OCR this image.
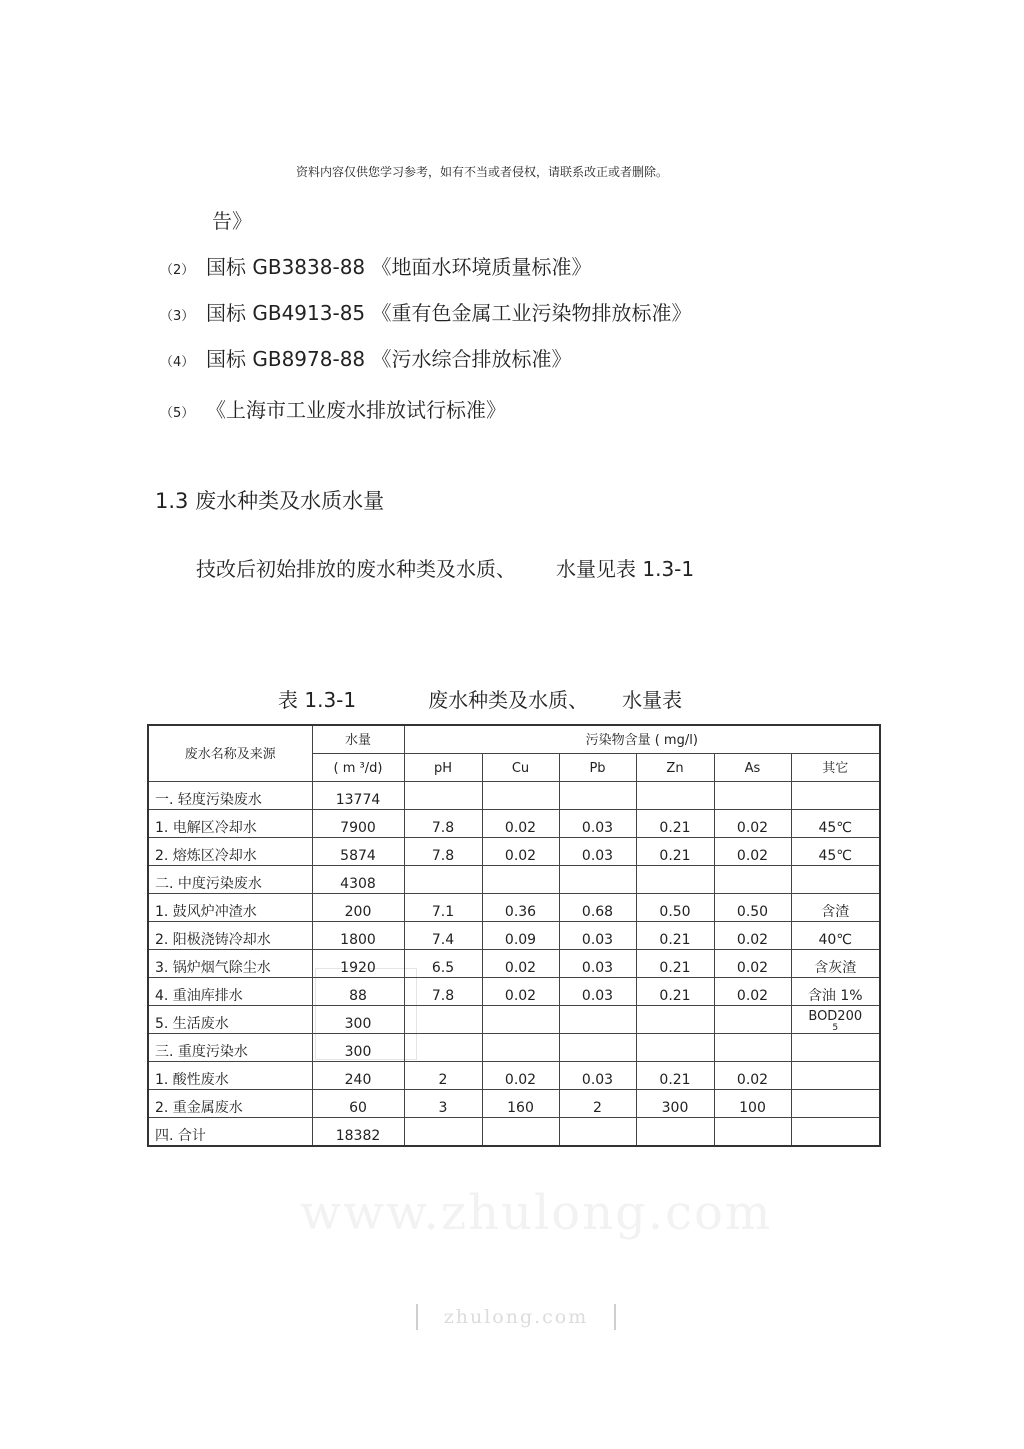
资料内容仅供您学习参考，如有不当或者侵权，请联系改正或者删除。
告》
（2） 国标 GB3838-88 《地面水环境质量标准》
（3） 国标 GB4913-85 《重有色金属工业污染物排放标准》
（4） 国标 GB8978-88 《污水综合排放标准》
（5） 《上海市工业废水排放试行标准》
1.3 废水种类及水质水量
技改后初始排放的废水种类及水质、 水量见表 1.3-1
表 1.3-1	废水种类及水质、 水量表
废水名称及来源	水量	污染物含量 ( mg/l)					
	( m ³/d)	pH	Cu	Pb	Zn	As	其它
一. 轻度污染废水	13774						
1. 电解区冷却水	7900	7.8	0.02	0.03	0.21	0.02	45℃
2. 熔炼区冷却水	5874	7.8	0.02	0.03	0.21	0.02	45℃
二. 中度污染废水	4308						
1. 鼓风炉冲渣水	200	7.1	0.36	0.68	0.50	0.50	含渣
2. 阳极浇铸冷却水	1800	7.4	0.09	0.03	0.21	0.02	40℃
3. 锅炉烟气除尘水	1920	6.5	0.02	0.03	0.21	0.02	含灰渣
4. 重油库排水	88	7.8	0.02	0.03	0.21	0.02	含油 1%
5. 生活废水	300						BOD200
5

三. 重度污染水	300						
1. 酸性废水	240	2	0.02	0.03	0.21	0.02	
2. 重金属废水	60	3	160	2	300	100	
四. 合计	18382						
www.zhulong.com
zhulong.com
